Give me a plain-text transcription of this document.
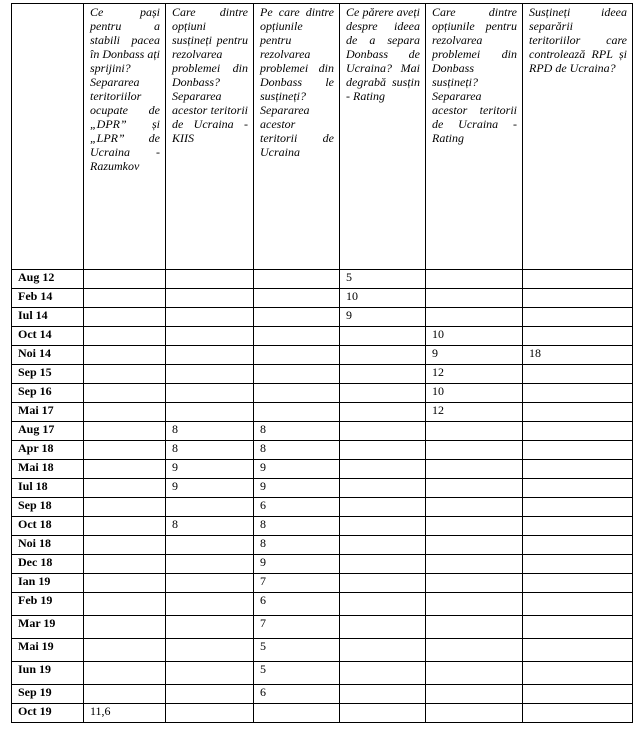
	Ce pași pentru a stabili pacea în Donbass ați sprijini? Separarea teritoriilor ocupate de „DPR” și „LPR” de Ucraina - Razumkov	Care dintre opțiuni susțineți pentru rezolvarea problemei din Donbass? Separarea acestor teritorii de Ucraina - KIIS	Pe care dintre opțiunile pentru rezolvarea problemei din Donbass le susțineți? Separarea acestor teritorii de Ucraina	Ce părere aveți despre ideea de a separa Donbass de Ucraina? Mai degrabă susțin - Rating	Care dintre opțiunile pentru rezolvarea problemei din Donbass susțineți? Separarea acestor teritorii de Ucraina - Rating	Susțineți ideea separării teritoriilor care controlează RPL și RPD de Ucraina?
Aug 12				5		
Feb 14				10		
Iul 14				9		
Oct 14					10	
Noi 14					9	18
Sep 15					12	
Sep 16					10	
Mai 17					12	
Aug 17		8	8			
Apr 18		8	8			
Mai 18		9	9			
Iul 18		9	9			
Sep 18			6			
Oct 18		8	8			
Noi 18			8			
Dec 18			9			
Ian 19			7			
Feb 19			6			
Mar 19			7			
Mai 19			5			
Iun 19			5			
Sep 19			6			
Oct 19	11,6					
